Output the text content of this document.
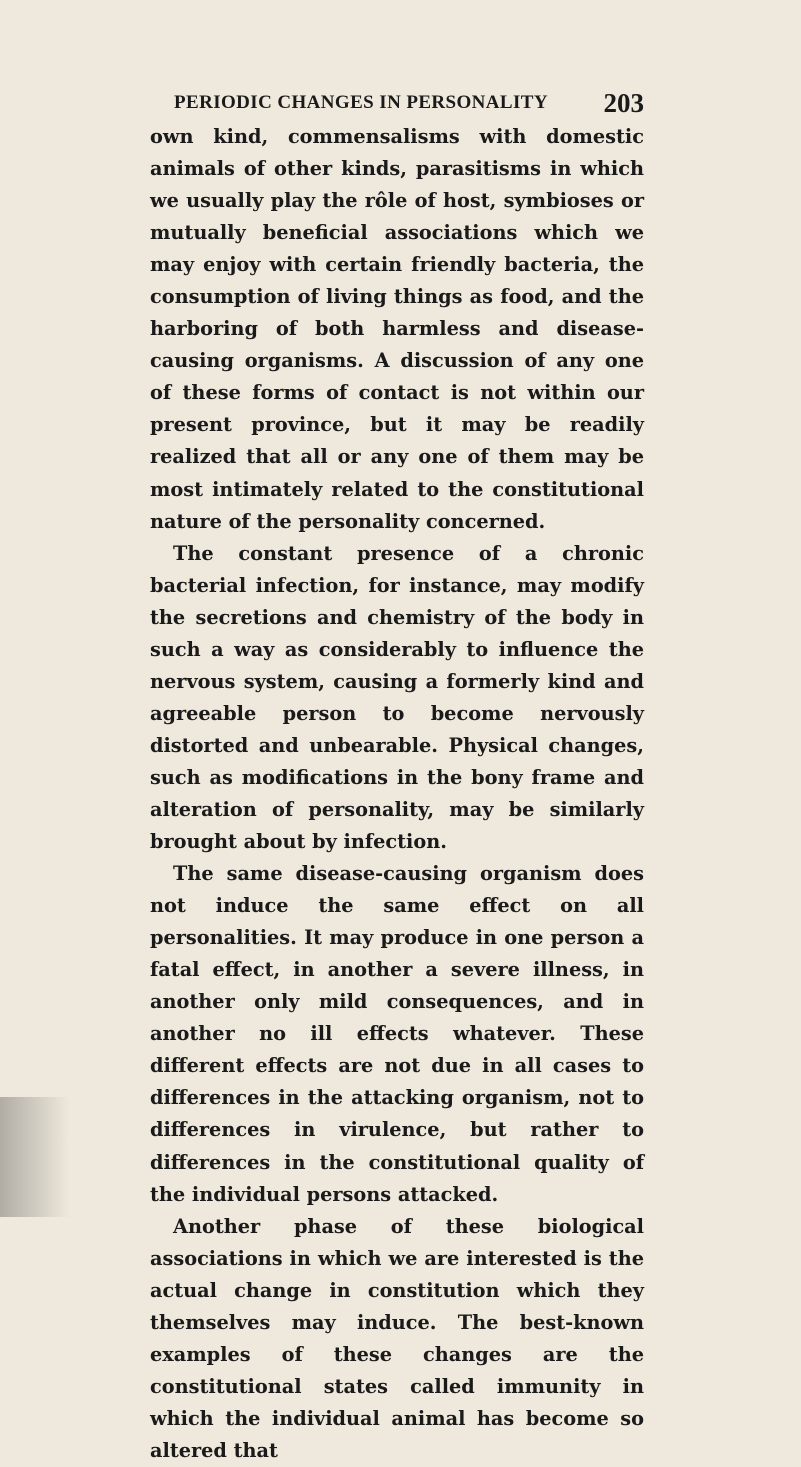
PERIODIC CHANGES IN PERSONALITY 203

own kind, commensalisms with domestic animals of other kinds, parasitisms in which we usually play the rôle of host, symbioses or mutually beneficial associations which we may enjoy with certain friendly bacteria, the consumption of living things as food, and the harboring of both harmless and disease-causing organisms. A discussion of any one of these forms of contact is not within our present province, but it may be readily realized that all or any one of them may be most intimately related to the constitutional nature of the personality concerned.

The constant presence of a chronic bacterial infection, for instance, may modify the secretions and chemistry of the body in such a way as considerably to influence the nervous system, causing a formerly kind and agreeable person to become nervously distorted and unbearable. Physical changes, such as modifications in the bony frame and alteration of personality, may be similarly brought about by infection.

The same disease-causing organism does not induce the same effect on all personalities. It may produce in one person a fatal effect, in another a severe illness, in another only mild consequences, and in another no ill effects whatever. These different effects are not due in all cases to differences in the attacking organism, not to differences in virulence, but rather to differences in the constitutional quality of the individual persons attacked.

Another phase of these biological associations in which we are interested is the actual change in constitution which they themselves may induce. The best-known examples of these changes are the constitutional states called immunity in which the individual animal has become so altered that
